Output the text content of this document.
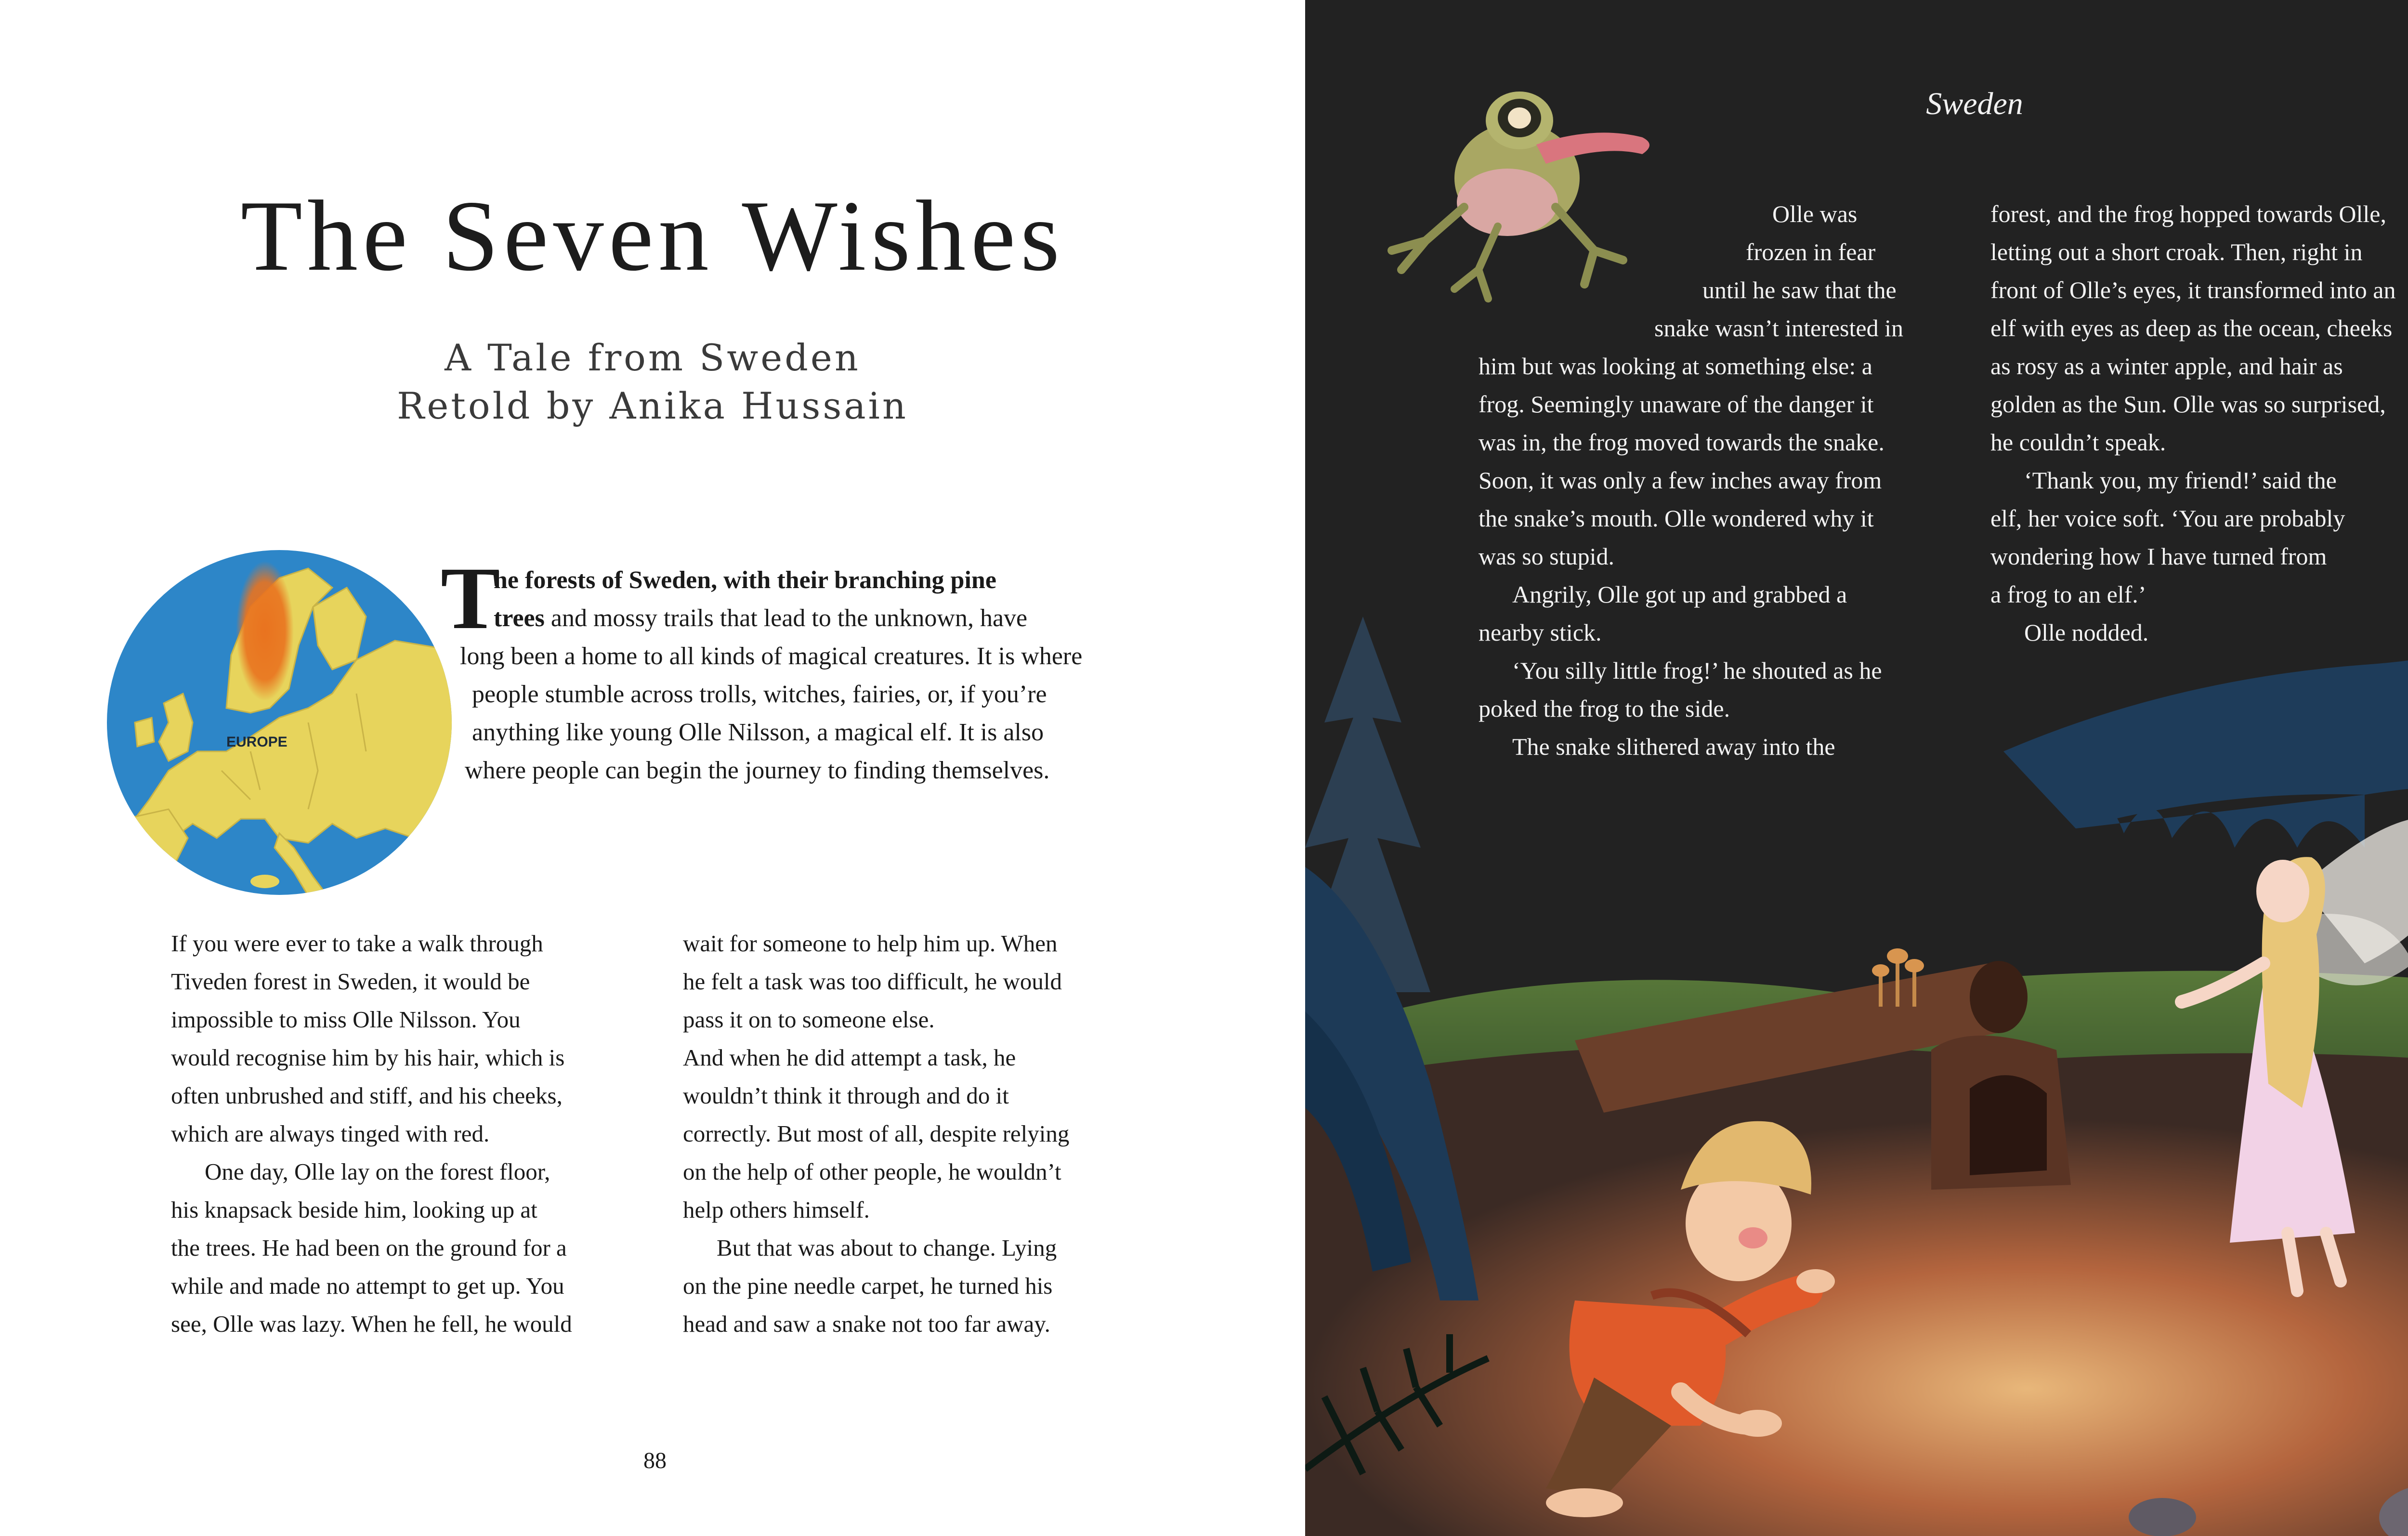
The Seven Wishes
A Tale from Sweden
Retold by Anika Hussain
EUROPE
T
he forests of Sweden, with their branching pine
trees and mossy trails that lead to the unknown, have
long been a home to all kinds of magical creatures. It is where
people stumble across trolls, witches, fairies, or, if you’re
anything like young Olle Nilsson, a magical elf. It is also
where people can begin the journey to finding themselves.
If you were ever to take a walk through
Tiveden forest in Sweden, it would be
impossible to miss Olle Nilsson. You
would recognise him by his hair, which is
often unbrushed and stiff, and his cheeks,
which are always tinged with red.
One day, Olle lay on the forest floor,
his knapsack beside him, looking up at
the trees. He had been on the ground for a
while and made no attempt to get up. You
see, Olle was lazy. When he fell, he would
wait for someone to help him up. When
he felt a task was too difficult, he would
pass it on to someone else.
And when he did attempt a task, he
wouldn’t think it through and do it
correctly. But most of all, despite relying
on the help of other people, he wouldn’t
help others himself.
But that was about to change. Lying
on the pine needle carpet, he turned his
head and saw a snake not too far away.
88
Sweden
Olle was
frozen in fear
until he saw that the
snake wasn’t interested in
him but was looking at something else: a
frog. Seemingly unaware of the danger it
was in, the frog moved towards the snake.
Soon, it was only a few inches away from
the snake’s mouth. Olle wondered why it
was so stupid.
Angrily, Olle got up and grabbed a
nearby stick.
‘You silly little frog!’ he shouted as he
poked the frog to the side.
The snake slithered away into the
forest, and the frog hopped towards Olle,
letting out a short croak. Then, right in
front of Olle’s eyes, it transformed into an
elf with eyes as deep as the ocean, cheeks
as rosy as a winter apple, and hair as
golden as the Sun. Olle was so surprised,
he couldn’t speak.
‘Thank you, my friend!’ said the
elf, her voice soft. ‘You are probably
wondering how I have turned from
a frog to an elf.’
Olle nodded.
